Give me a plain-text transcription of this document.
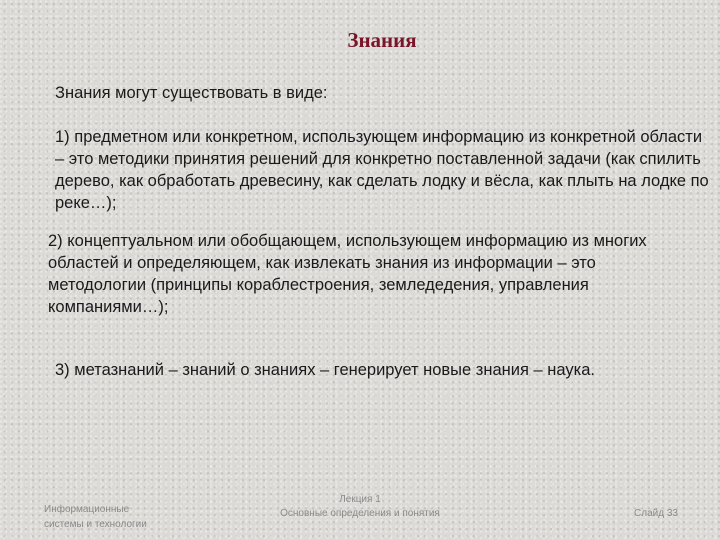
Знания
Знания могут существовать в виде:
1) предметном или конкретном, использующем информацию из конкретной области – это методики принятия решений для конкретно поставленной задачи (как спилить дерево, как обработать древесину, как сделать лодку и вёсла, как плыть на лодке по реке…);
2) концептуальном или обобщающем, использующем информацию из многих областей и определяющем, как извлекать знания из информации – это методологии (принципы кораблестроения, земледедения, управления компаниями…);
3) метазнаний – знаний о знаниях – генерирует новые знания – наука.
Информационные
системы и технологии
Лекция 1
Основные определения и понятия	Слайд 33
